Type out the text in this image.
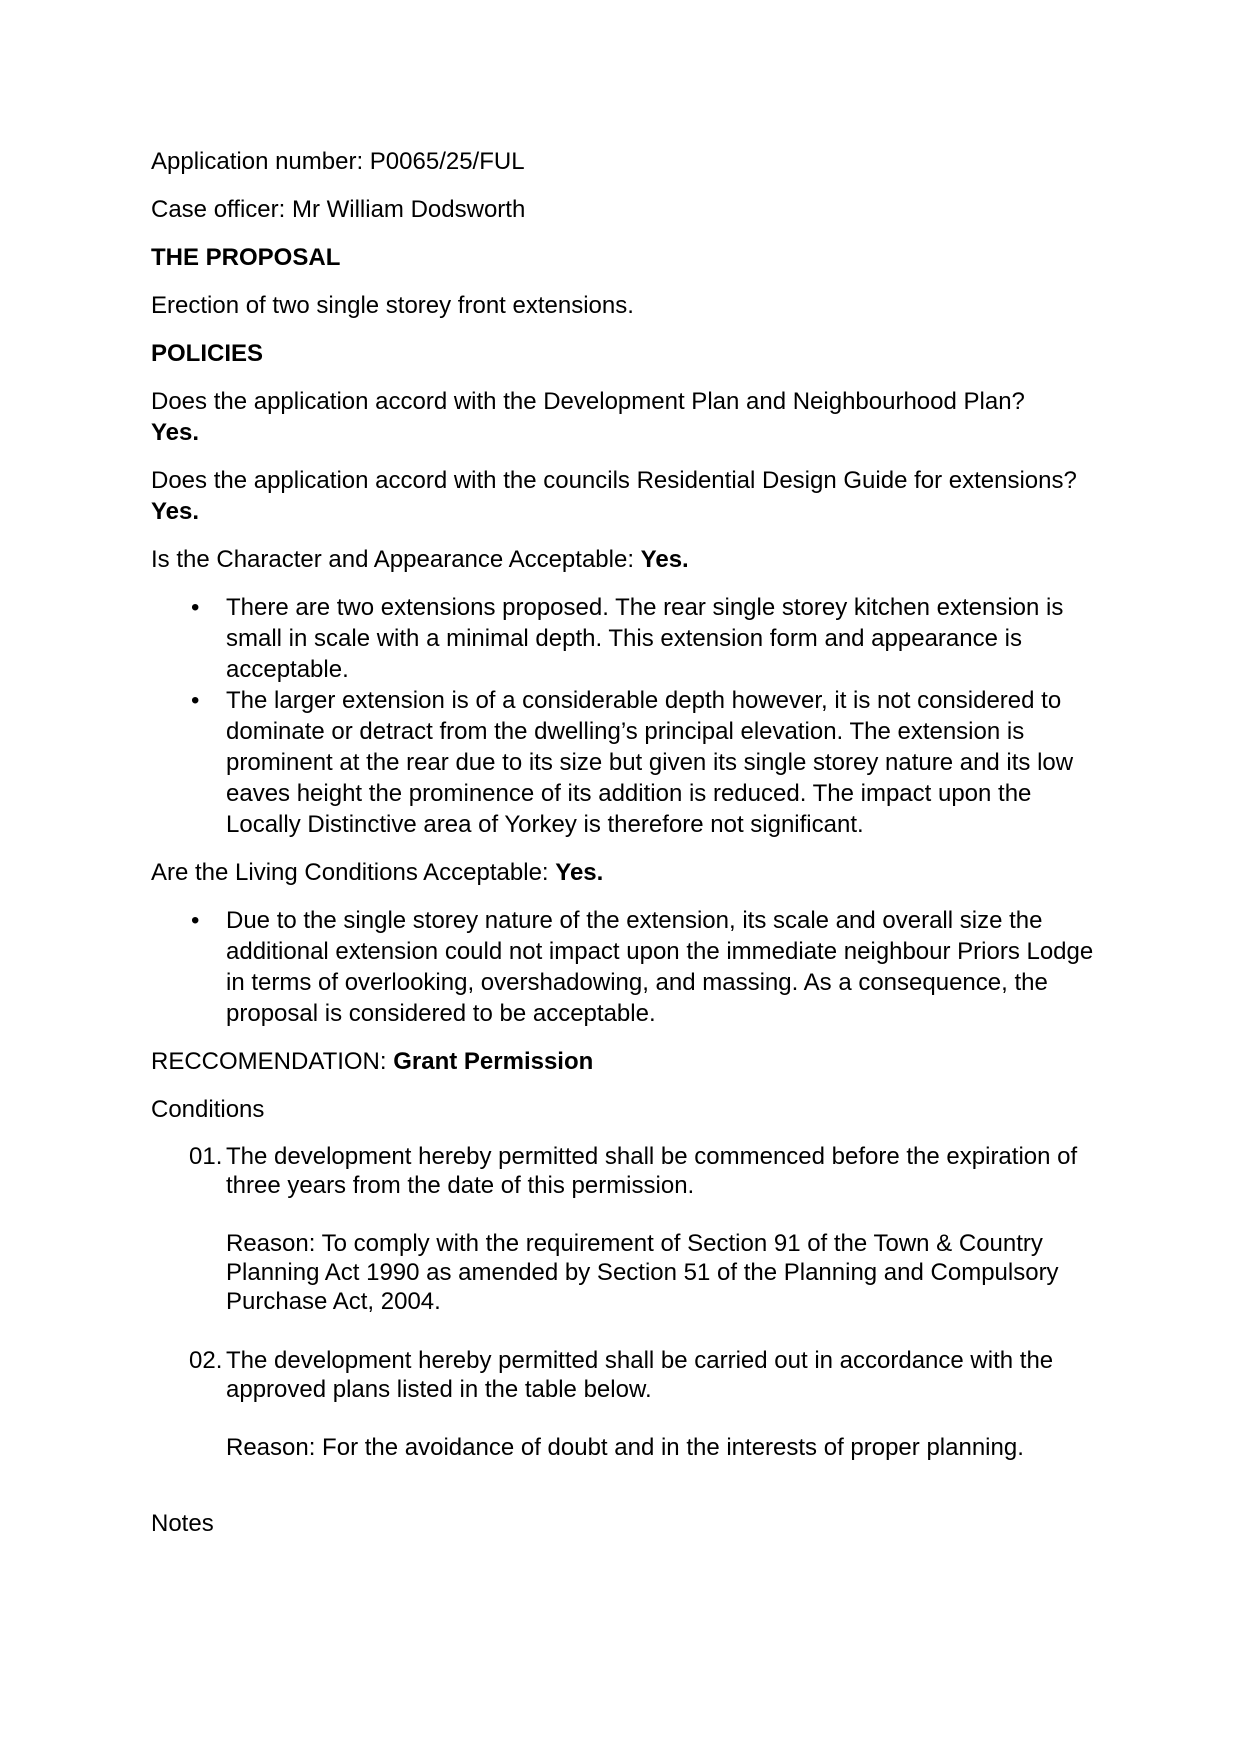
Application number: P0065/25/FUL

Case officer: Mr William Dodsworth

THE PROPOSAL

Erection of two single storey front extensions.

POLICIES

Does the application accord with the Development Plan and Neighbourhood Plan?
Yes.

Does the application accord with the councils Residential Design Guide for extensions? Yes.

Is the Character and Appearance Acceptable: Yes.

• There are two extensions proposed. The rear single storey kitchen extension is small in scale with a minimal depth. This extension form and appearance is acceptable.
• The larger extension is of a considerable depth however, it is not considered to dominate or detract from the dwelling’s principal elevation. The extension is prominent at the rear due to its size but given its single storey nature and its low eaves height the prominence of its addition is reduced. The impact upon the Locally Distinctive area of Yorkey is therefore not significant.

Are the Living Conditions Acceptable: Yes.

• Due to the single storey nature of the extension, its scale and overall size the additional extension could not impact upon the immediate neighbour Priors Lodge in terms of overlooking, overshadowing, and massing. As a consequence, the proposal is considered to be acceptable.

RECCOMENDATION: Grant Permission

Conditions

01. The development hereby permitted shall be commenced before the expiration of three years from the date of this permission.
Reason: To comply with the requirement of Section 91 of the Town & Country Planning Act 1990 as amended by Section 51 of the Planning and Compulsory Purchase Act, 2004.
02. The development hereby permitted shall be carried out in accordance with the approved plans listed in the table below.
Reason: For the avoidance of doubt and in the interests of proper planning.

Notes
